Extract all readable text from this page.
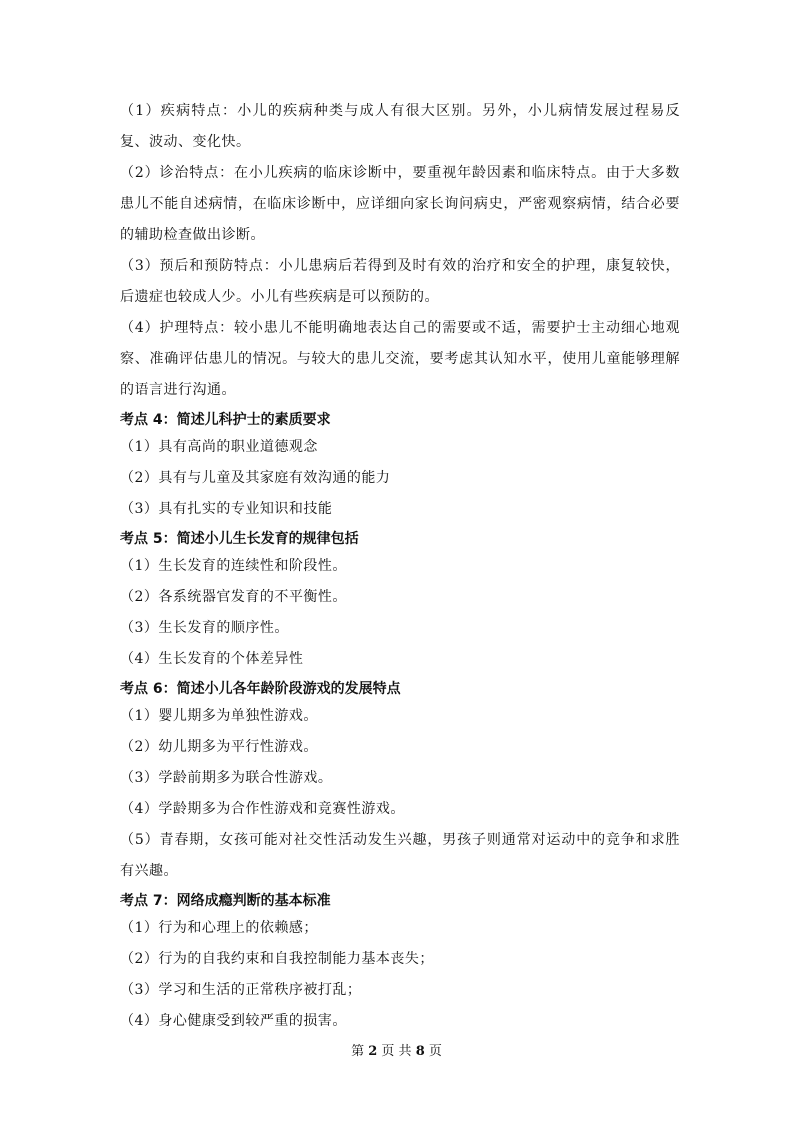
（1）疾病特点：小儿的疾病种类与成人有很大区别。另外，小儿病情发展过程易反复、波动、变化快。

（2）诊治特点：在小儿疾病的临床诊断中，要重视年龄因素和临床特点。由于大多数患儿不能自述病情，在临床诊断中，应详细向家长询问病史，严密观察病情，结合必要的辅助检查做出诊断。

（3）预后和预防特点：小儿患病后若得到及时有效的治疗和安全的护理，康复较快，后遗症也较成人少。小儿有些疾病是可以预防的。

（4）护理特点：较小患儿不能明确地表达自己的需要或不适，需要护士主动细心地观察、准确评估患儿的情况。与较大的患儿交流，要考虑其认知水平，使用儿童能够理解的语言进行沟通。

考点 4：简述儿科护士的素质要求

（1）具有高尚的职业道德观念

（2）具有与儿童及其家庭有效沟通的能力

（3）具有扎实的专业知识和技能

考点 5：简述小儿生长发育的规律包括

（1）生长发育的连续性和阶段性。

（2）各系统器官发育的不平衡性。

（3）生长发育的顺序性。

（4）生长发育的个体差异性

考点 6：简述小儿各年龄阶段游戏的发展特点

（1）婴儿期多为单独性游戏。

（2）幼儿期多为平行性游戏。

（3）学龄前期多为联合性游戏。

（4）学龄期多为合作性游戏和竞赛性游戏。

（5）青春期，女孩可能对社交性活动发生兴趣，男孩子则通常对运动中的竞争和求胜有兴趣。

考点 7：网络成瘾判断的基本标准

（1）行为和心理上的依赖感；

（2）行为的自我约束和自我控制能力基本丧失；

（3）学习和生活的正常秩序被打乱；

（4）身心健康受到较严重的损害。

第 2 页 共 8 页
